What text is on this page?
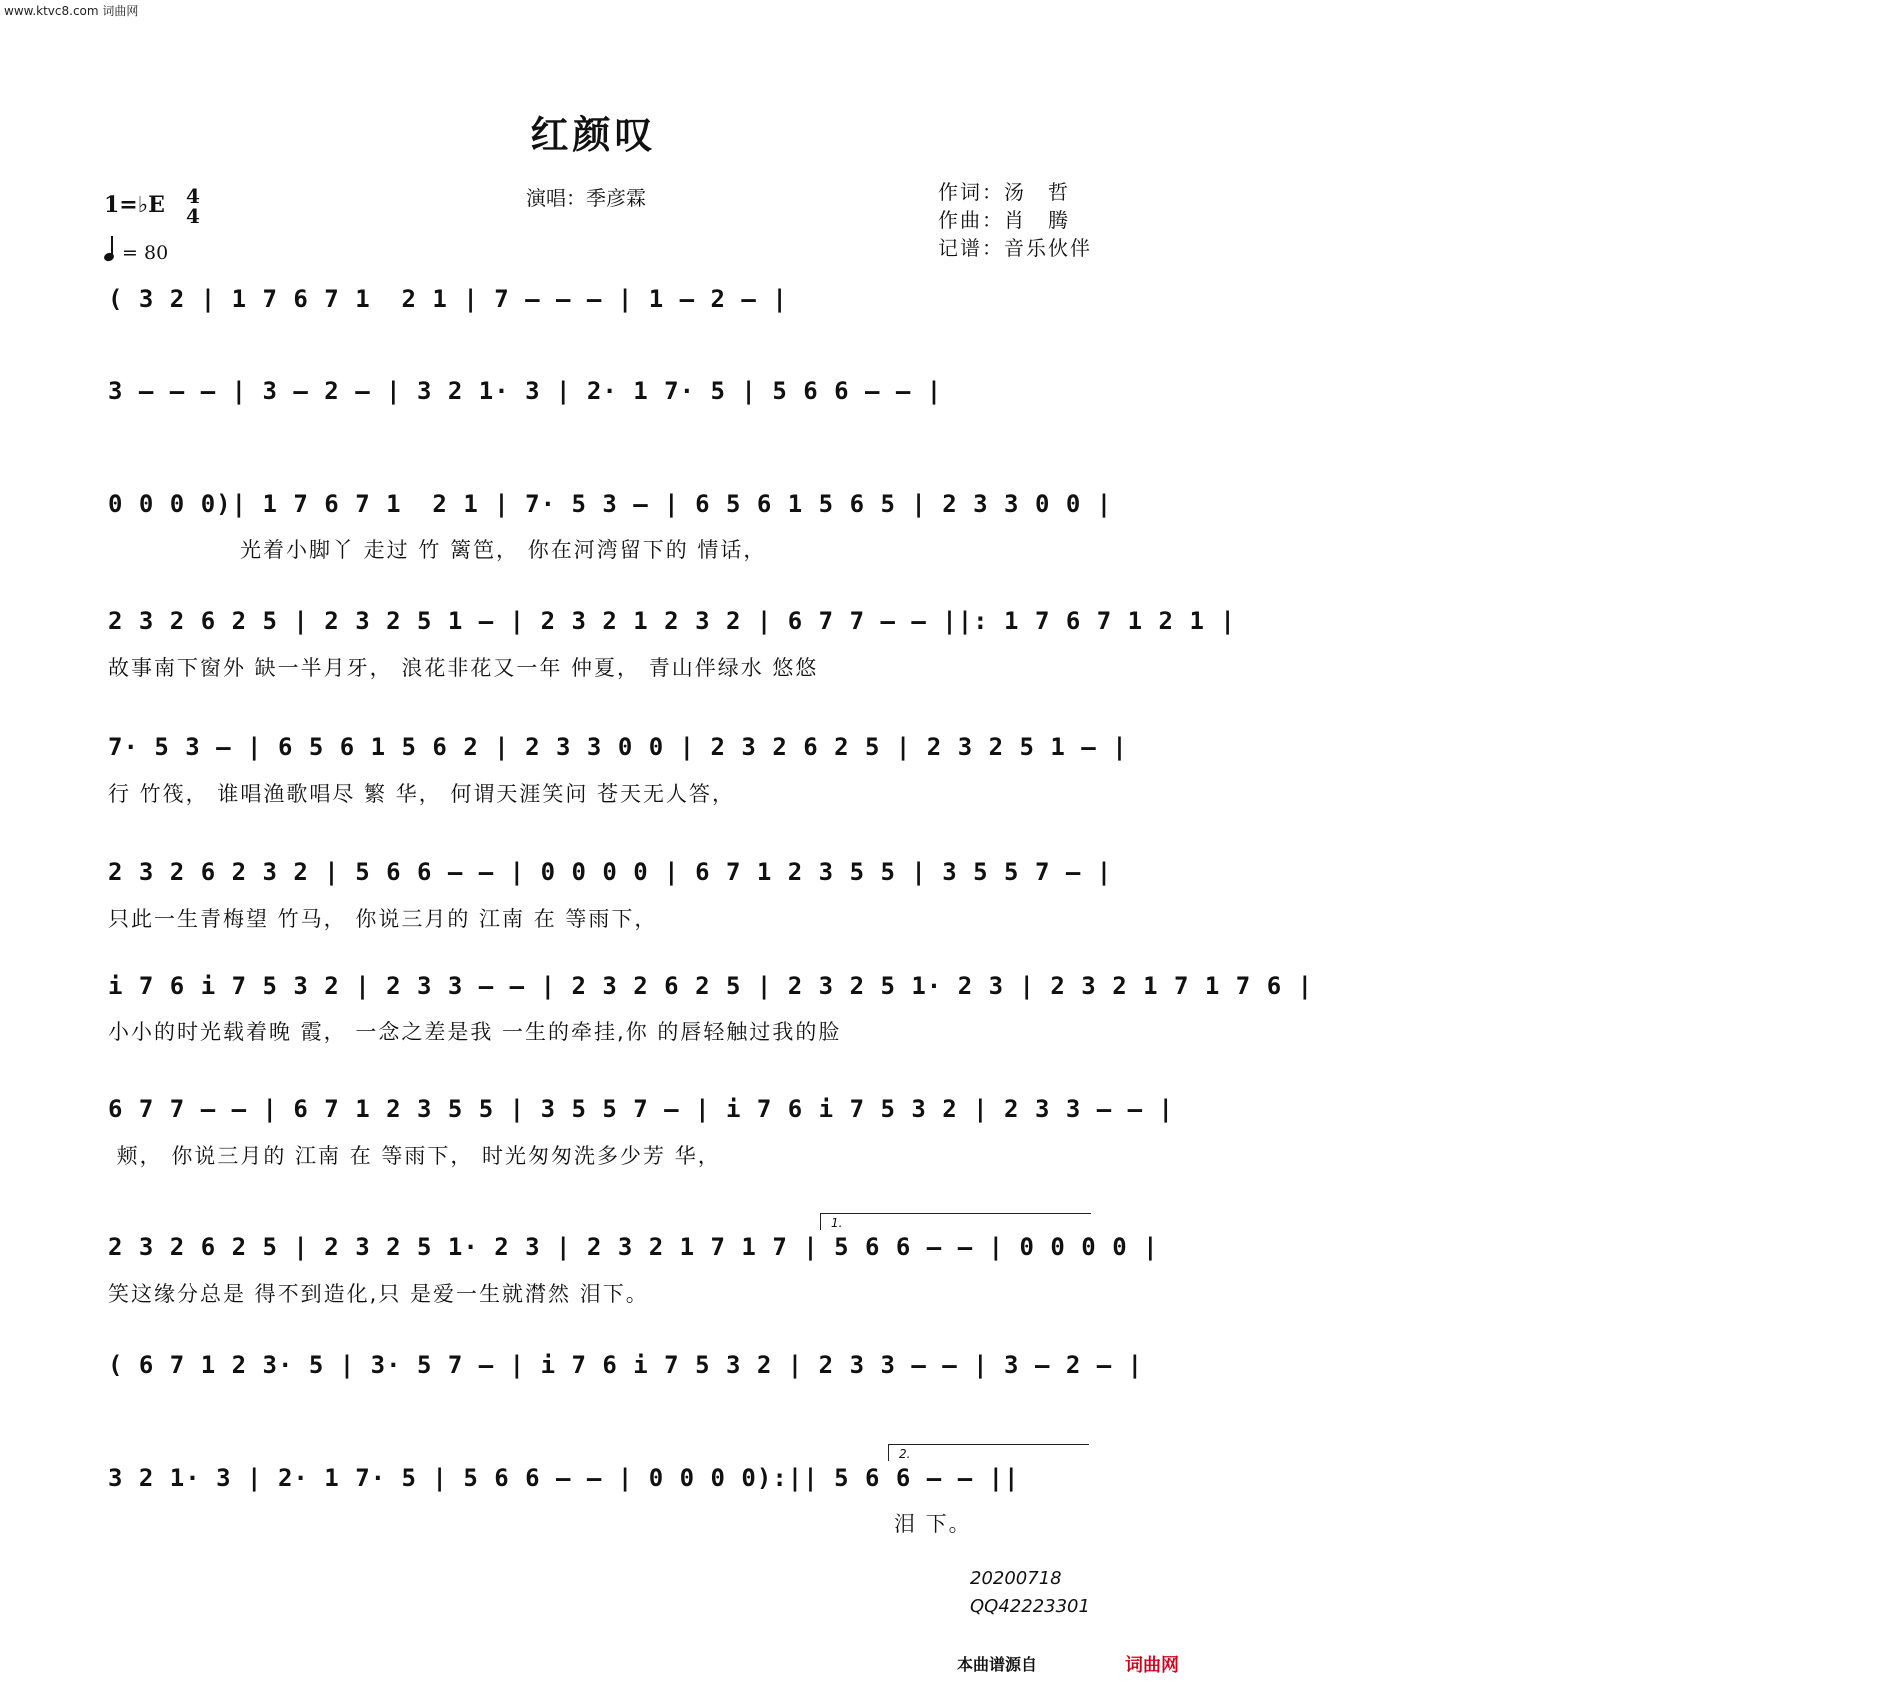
www.ktvc8.com 词曲网
红颜叹
1=♭E 4
4
= 80
演唱：季彦霖	作词：汤　哲
作曲：肖　腾
记谱：音乐伙伴
( 3 2 | 1 7 6 7 1  2 1 | 7 – – – | 1 – 2 – |
3 – – – | 3 – 2 – | 3 2 1· 3 | 2· 1 7· 5 | 5 6 6 – – |
0 0 0 0)| 1 7 6 7 1  2 1 | 7· 5 3 – | 6 5 6 1 5 6 5 | 2 3 3 0 0 |
光着小脚丫 走过 竹 篱笆， 你在河湾留下的 情话，
2 3 2 6 2 5 | 2 3 2 5 1 – | 2 3 2 1 2 3 2 | 6 7 7 – – ||: 1 7 6 7 1 2 1 |
故事南下窗外 缺一半月牙， 浪花非花又一年 仲夏， 青山伴绿水 悠悠
7· 5 3 – | 6 5 6 1 5 6 2 | 2 3 3 0 0 | 2 3 2 6 2 5 | 2 3 2 5 1 – |
行 竹筏， 谁唱渔歌唱尽 繁 华， 何谓天涯笑问 苍天无人答，
2 3 2 6 2 3 2 | 5 6 6 – – | 0 0 0 0 | 6 7 1 2 3 5 5 | 3 5 5 7 – |
只此一生青梅望 竹马， 你说三月的 江南 在 等雨下，
i 7 6 i 7 5 3 2 | 2 3 3 – – | 2 3 2 6 2 5 | 2 3 2 5 1· 2 3 | 2 3 2 1 7 1 7 6 |
小小的时光载着晚 霞， 一念之差是我 一生的牵挂,你 的唇轻触过我的脸
6 7 7 – – | 6 7 1 2 3 5 5 | 3 5 5 7 – | i 7 6 i 7 5 3 2 | 2 3 3 – – |
颊， 你说三月的 江南 在 等雨下， 时光匆匆洗多少芳 华，
1.
2 3 2 6 2 5 | 2 3 2 5 1· 2 3 | 2 3 2 1 7 1 7 | 5 6 6 – – | 0 0 0 0 |
笑这缘分总是 得不到造化,只 是爱一生就潸然 泪下。
( 6 7 1 2 3· 5 | 3· 5 7 – | i 7 6 i 7 5 3 2 | 2 3 3 – – | 3 – 2 – |
2.
3 2 1· 3 | 2· 1 7· 5 | 5 6 6 – – | 0 0 0 0):|| 5 6 6 – – ||
泪 下。
20200718
QQ42223301
本曲谱源自	词曲网
